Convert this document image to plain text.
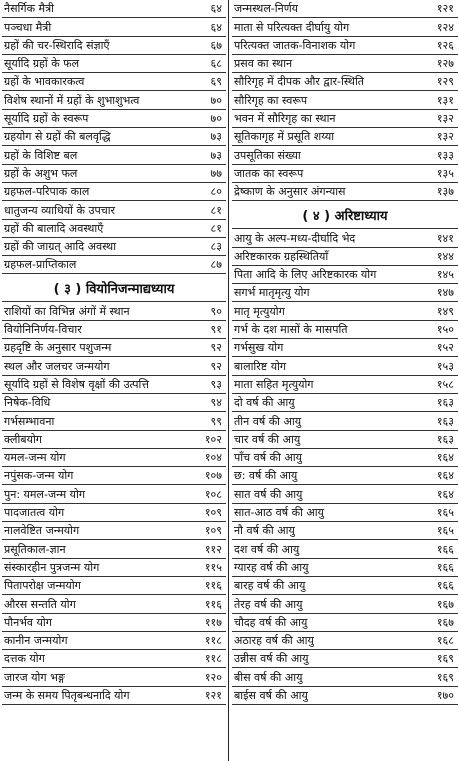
नैसर्गिक मैत्री	६४
पञ्चधा मैत्री	६४
ग्रहों की चर-स्थिरादि संज्ञाएँ	६७
सूर्यादि ग्रहों के फल	६८
ग्रहों के भावकारकत्व	६९
विशेष स्थानों में ग्रहों के शुभाशुभत्व	७०
सूर्यादि ग्रहों के स्वरूप	७०
ग्रहयोग से ग्रहों की बलवृद्धि	७३
ग्रहों के विशिष्ट बल	७३
ग्रहों के अशुभ फल	७७
ग्रहफल-परिपाक काल	८०
धातुजन्य व्याधियों के उपचार	८१
ग्रहों की बालादि अवस्थाएँ	८१
ग्रहों की जाग्रत् आदि अवस्था	८३
ग्रहफल-प्राप्तिकाल	८७
( ३ ) वियोनिजन्माद्यध्याय
राशियों का विभिन्न अंगों में स्थान	९०
वियोनिनिर्णय-विचार	९१
ग्रहदृष्टि के अनुसार पशुजन्म	९२
स्थल और जलचर जन्मयोग	९२
सूर्यादि ग्रहों से विशेष वृक्षों की उत्पत्ति	९३
निषेक-विधि	९४
गर्भसम्भावना	९९
क्लीबयोग	१०२
यमल-जन्म योग	१०४
नपुंसक-जन्म योग	१०७
पुन: यमल-जन्म योग	१०८
पादजातत्व योग	१०९
नालवेष्टित जन्मयोग	१०९
प्रसूतिकाल-ज्ञान	११२
संस्कारहीन पुत्रजन्म योग	११५
पितापरोक्ष जन्मयोग	११६
औरस सन्तति योग	११६
पौनर्भव योग	११७
कानीन जन्मयोग	११८
दत्तक योग	११८
जारज योग भङ्ग	१२०
जन्म के समय पितृबन्धनादि योग	१२१
जन्मस्थल-निर्णय	१२१
माता से परित्यक्त दीर्घायु योग	१२४
परित्यक्त जातक-विनाशक योग	१२६
प्रसव का स्थान	१२७
सौरिगृह में दीपक और द्वार-स्थिति	१२९
सौरिगृह का स्वरूप	१३१
भवन में सौरिगृह का स्थान	१३२
सूतिकागृह में प्रसूति शय्या	१३२
उपसूतिका संख्या	१३३
जातक का स्वरूप	१३५
द्रेष्काण के अनुसार अंगन्यास	१३७
( ४ ) अरिष्टाध्याय
आयु के अल्प-मध्य-दीर्घादि भेद	१४१
अरिष्टकारक ग्रहस्थितियाँ	१४४
पिता आदि के लिए अरिष्टकारक योग	१४५
सगर्भ मातृमृत्यु योग	१४७
मातृ मृत्युयोग	१४९
गर्भ के दश मासों के मासपति	१५०
गर्भसुख योग	१५२
बालारिष्ट योग	१५३
माता सहित मृत्युयोग	१५८
दो वर्ष की आयु	१६३
तीन वर्ष की आयु	१६३
चार वर्ष की आयु	१६३
पाँच वर्ष की आयु	१६४
छ: वर्ष की आयु	१६४
सात वर्ष की आयु	१६४
सात-आठ वर्ष की आयु	१६५
नौ वर्ष की आयु	१६५
दश वर्ष की आयु	१६६
ग्यारह वर्ष की आयु	१६६
बारह वर्ष की आयु	१६६
तेरह वर्ष की आयु	१६७
चौदह वर्ष की आयु	१६७
अठारह वर्ष की आयु	१६८
उन्नीस वर्ष की आयु	१६९
बीस वर्ष की आयु	१६९
बाईस वर्ष की आयु	१७०
